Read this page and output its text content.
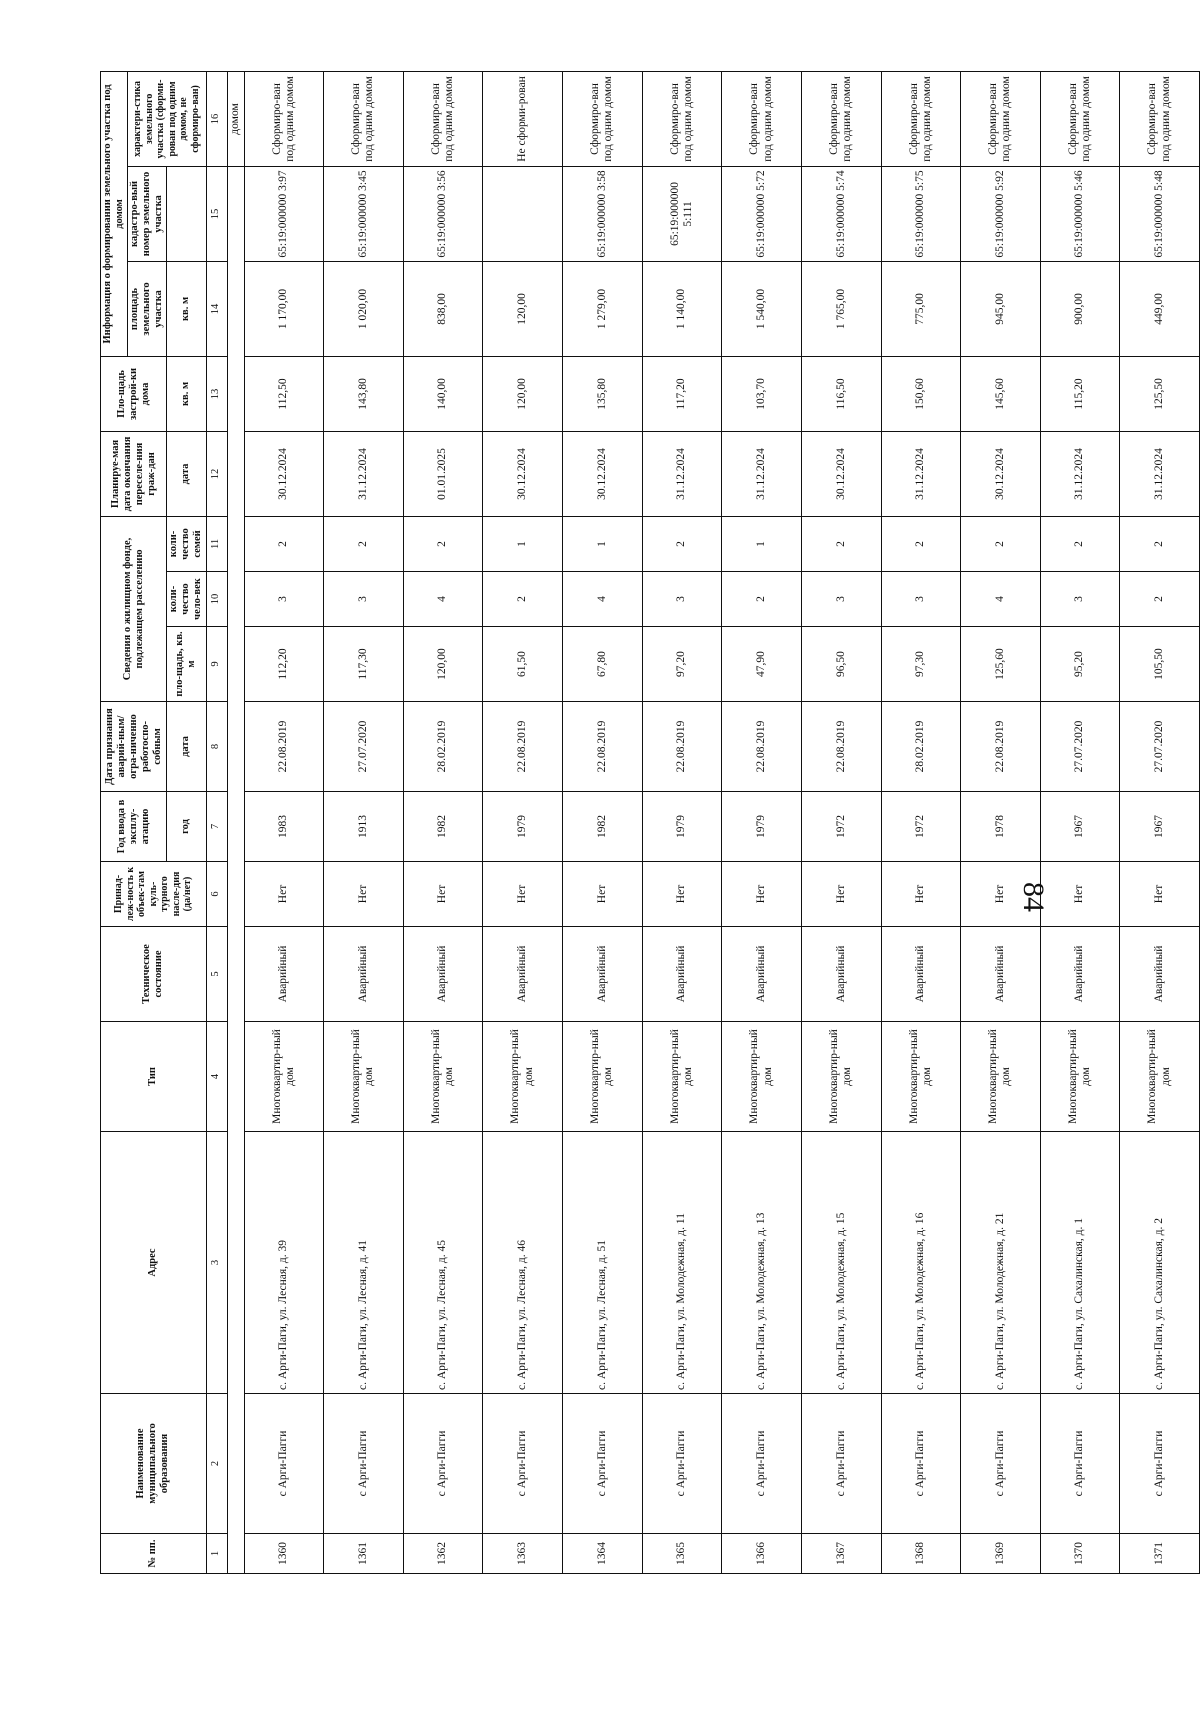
84
№ пп.	Наименование муниципального образования	Адрес	Тип	Техническое состояние	Принад-леж-ность к объек-там куль-турного насле-дия (да/нет)	Год ввода в эксплу-атацию	Дата признания аварий-ным/огра-ниченно работоспо-собным	Сведения о жилищном фонде, подлежащем расселению			Планируе-мая дата окончания переселе-ния граж-дан	Пло-щадь застрой-ки дома	Информация о формировании земельного участка под домом		
													площадь земельного участка	кадастро-вый номер земельного участка	характери-стика земельного участка (сформи-рован под одним домом, не сформиро-ван)
						год	дата	пло-щадь, кв. м	коли-чество чело-век	коли-чество семей	дата	кв. м	кв. м		
1	2	3	4	5	6	7	8	9	10	11	12	13	14	15	16
															домом
1360	с Арги-Пагги	с. Арги-Паги, ул. Лесная, д. 39	Многоквартир-ный дом	Аварийный	Нет	1983	22.08.2019	112,20	3	2	30.12.2024	112,50	1 170,00	65:19:000000 3:97	Сформиро-ван под одним домом
1361	с Арги-Пагги	с. Арги-Паги, ул. Лесная, д. 41	Многоквартир-ный дом	Аварийный	Нет	1913	27.07.2020	117,30	3	2	31.12.2024	143,80	1 020,00	65:19:000000 3:45	Сформиро-ван под одним домом
1362	с Арги-Пагги	с. Арги-Паги, ул. Лесная, д. 45	Многоквартир-ный дом	Аварийный	Нет	1982	28.02.2019	120,00	4	2	01.01.2025	140,00	838,00	65:19:000000 3:56	Сформиро-ван под одним домом
1363	с Арги-Пагги	с. Арги-Паги, ул. Лесная, д. 46	Многоквартир-ный дом	Аварийный	Нет	1979	22.08.2019	61,50	2	1	30.12.2024	120,00	120,00		Не сформи-рован
1364	с Арги-Пагги	с. Арги-Паги, ул. Лесная, д. 51	Многоквартир-ный дом	Аварийный	Нет	1982	22.08.2019	67,80	4	1	30.12.2024	135,80	1 279,00	65:19:000000 3:58	Сформиро-ван под одним домом
1365	с Арги-Пагги	с. Арги-Паги, ул. Молодежная, д. 11	Многоквартир-ный дом	Аварийный	Нет	1979	22.08.2019	97,20	3	2	31.12.2024	117,20	1 140,00	65:19:000000 5:111	Сформиро-ван под одним домом
1366	с Арги-Пагги	с. Арги-Паги, ул. Молодежная, д. 13	Многоквартир-ный дом	Аварийный	Нет	1979	22.08.2019	47,90	2	1	31.12.2024	103,70	1 540,00	65:19:000000 5:72	Сформиро-ван под одним домом
1367	с Арги-Пагги	с. Арги-Паги, ул. Молодежная, д. 15	Многоквартир-ный дом	Аварийный	Нет	1972	22.08.2019	96,50	3	2	30.12.2024	116,50	1 765,00	65:19:000000 5:74	Сформиро-ван под одним домом
1368	с Арги-Пагги	с. Арги-Паги, ул. Молодежная, д. 16	Многоквартир-ный дом	Аварийный	Нет	1972	28.02.2019	97,30	3	2	31.12.2024	150,60	775,00	65:19:000000 5:75	Сформиро-ван под одним домом
1369	с Арги-Пагги	с. Арги-Паги, ул. Молодежная, д. 21	Многоквартир-ный дом	Аварийный	Нет	1978	22.08.2019	125,60	4	2	30.12.2024	145,60	945,00	65:19:000000 5:92	Сформиро-ван под одним домом
1370	с Арги-Пагги	с. Арги-Паги, ул. Сахалинская, д. 1	Многоквартир-ный дом	Аварийный	Нет	1967	27.07.2020	95,20	3	2	31.12.2024	115,20	900,00	65:19:000000 5:46	Сформиро-ван под одним домом
1371	с Арги-Пагги	с. Арги-Паги, ул. Сахалинская, д. 2	Многоквартир-ный дом	Аварийный	Нет	1967	27.07.2020	105,50	2	2	31.12.2024	125,50	449,00	65:19:000000 5:48	Сформиро-ван под одним домом
